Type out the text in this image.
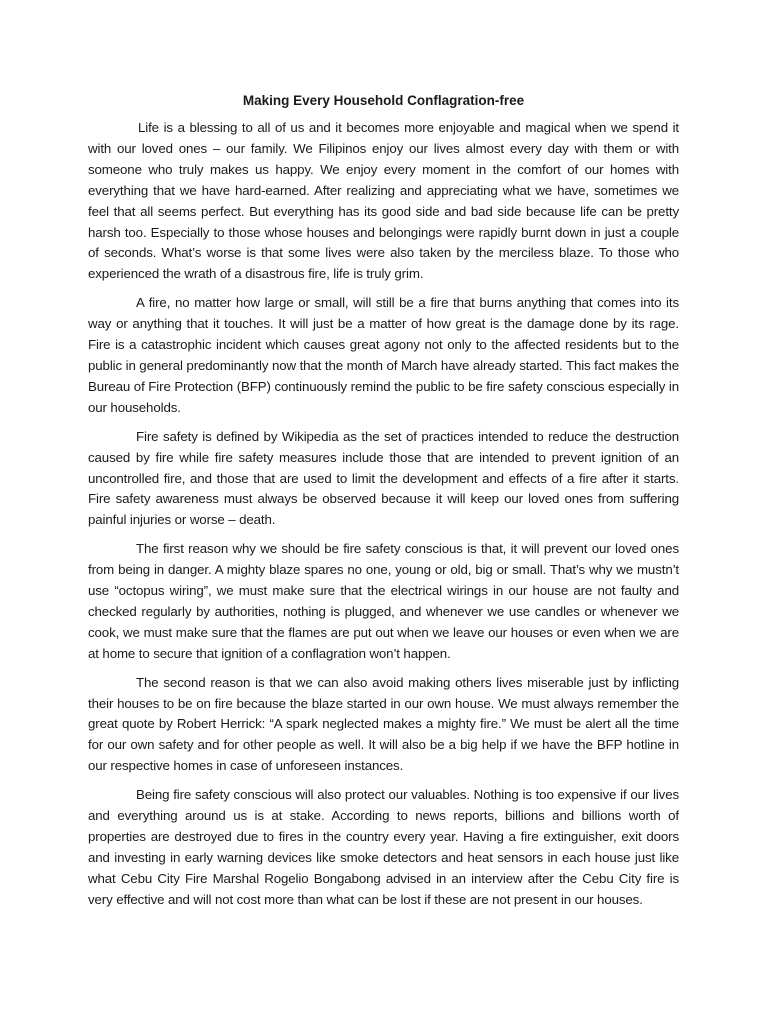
Making Every Household Conflagration-free

Life is a blessing to all of us and it becomes more enjoyable and magical when we spend it with our loved ones – our family. We Filipinos enjoy our lives almost every day with them or with someone who truly makes us happy. We enjoy every moment in the comfort of our homes with everything that we have hard-earned. After realizing and appreciating what we have, sometimes we feel that all seems perfect. But everything has its good side and bad side because life can be pretty harsh too. Especially to those whose houses and belongings were rapidly burnt down in just a couple of seconds. What’s worse is that some lives were also taken by the merciless blaze. To those who experienced the wrath of a disastrous fire, life is truly grim.

A fire, no matter how large or small, will still be a fire that burns anything that comes into its way or anything that it touches. It will just be a matter of how great is the damage done by its rage. Fire is a catastrophic incident which causes great agony not only to the affected residents but to the public in general predominantly now that the month of March have already started. This fact makes the Bureau of Fire Protection (BFP) continuously remind the public to be fire safety conscious especially in our households.

Fire safety is defined by Wikipedia as the set of practices intended to reduce the destruction caused by fire while fire safety measures include those that are intended to prevent ignition of an uncontrolled fire, and those that are used to limit the development and effects of a fire after it starts. Fire safety awareness must always be observed because it will keep our loved ones from suffering painful injuries or worse – death.

The first reason why we should be fire safety conscious is that, it will prevent our loved ones from being in danger. A mighty blaze spares no one, young or old, big or small. That’s why we mustn’t use “octopus wiring”, we must make sure that the electrical wirings in our house are not faulty and checked regularly by authorities, nothing is plugged, and whenever we use candles or whenever we cook, we must make sure that the flames are put out when we leave our houses or even when we are at home to secure that ignition of a conflagration won’t happen.

The second reason is that we can also avoid making others lives miserable just by inflicting their houses to be on fire because the blaze started in our own house. We must always remember the great quote by Robert Herrick: “A spark neglected makes a mighty fire.” We must be alert all the time for our own safety and for other people as well. It will also be a big help if we have the BFP hotline in our respective homes in case of unforeseen instances.

Being fire safety conscious will also protect our valuables. Nothing is too expensive if our lives and everything around us is at stake. According to news reports, billions and billions worth of properties are destroyed due to fires in the country every year. Having a fire extinguisher, exit doors and investing in early warning devices like smoke detectors and heat sensors in each house just like what Cebu City Fire Marshal Rogelio Bongabong advised in an interview after the Cebu City fire is very effective and will not cost more than what can be lost if these are not present in our houses.
